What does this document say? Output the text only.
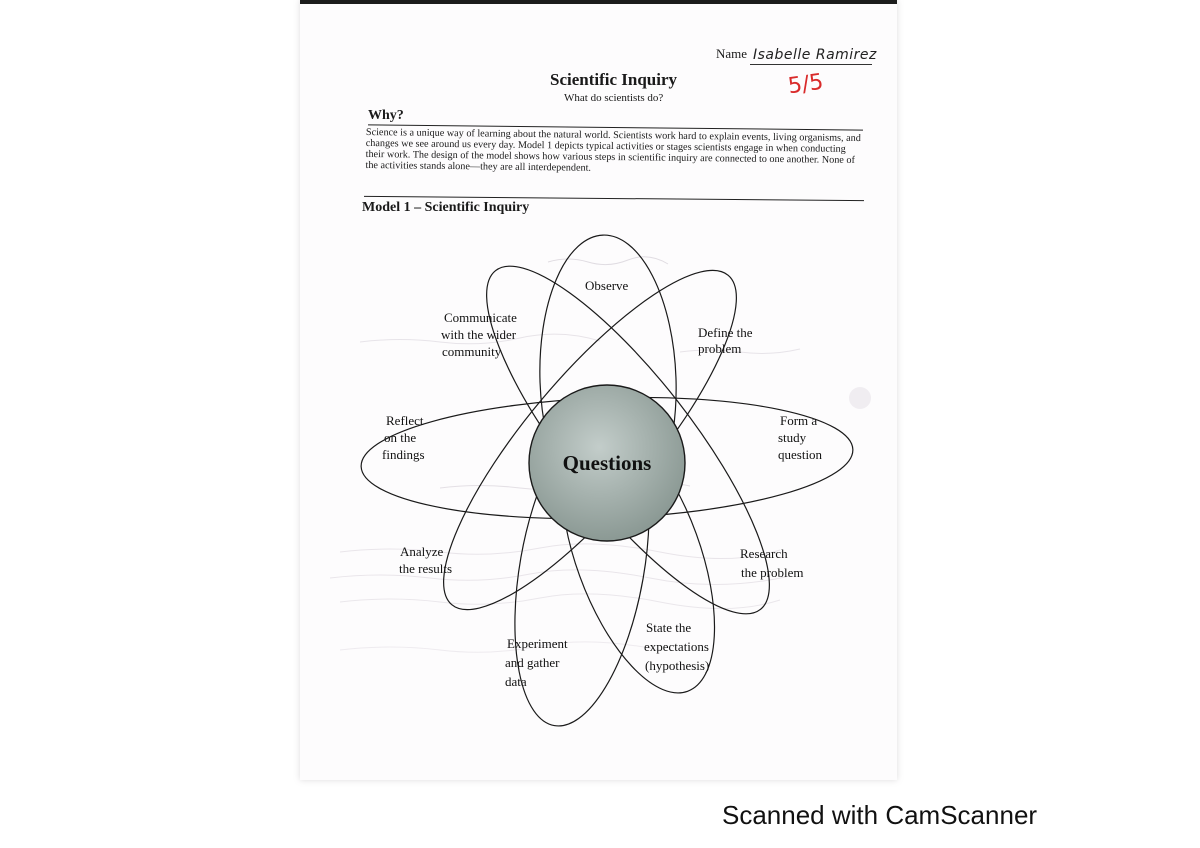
Name Isabelle Ramirez
5/5
Scientific Inquiry
What do scientists do?
Why?
Science is a unique way of learning about the natural world. Scientists work hard to explain events, living organisms, and changes we see around us every day. Model 1 depicts typical activities or stages scientists engage in when conducting their work. The design of the model shows how various steps in scientific inquiry are connected to one another. None of the activities stands alone—they are all interdependent.
Model 1 – Scientific Inquiry
Questions
Observe
Define the problem
Form a study question
Research the problem
State the expectations (hypothesis)
Experiment and gather data
Analyze the results
Reflect on the findings
Communicate with the wider community
Scanned with CamScanner
